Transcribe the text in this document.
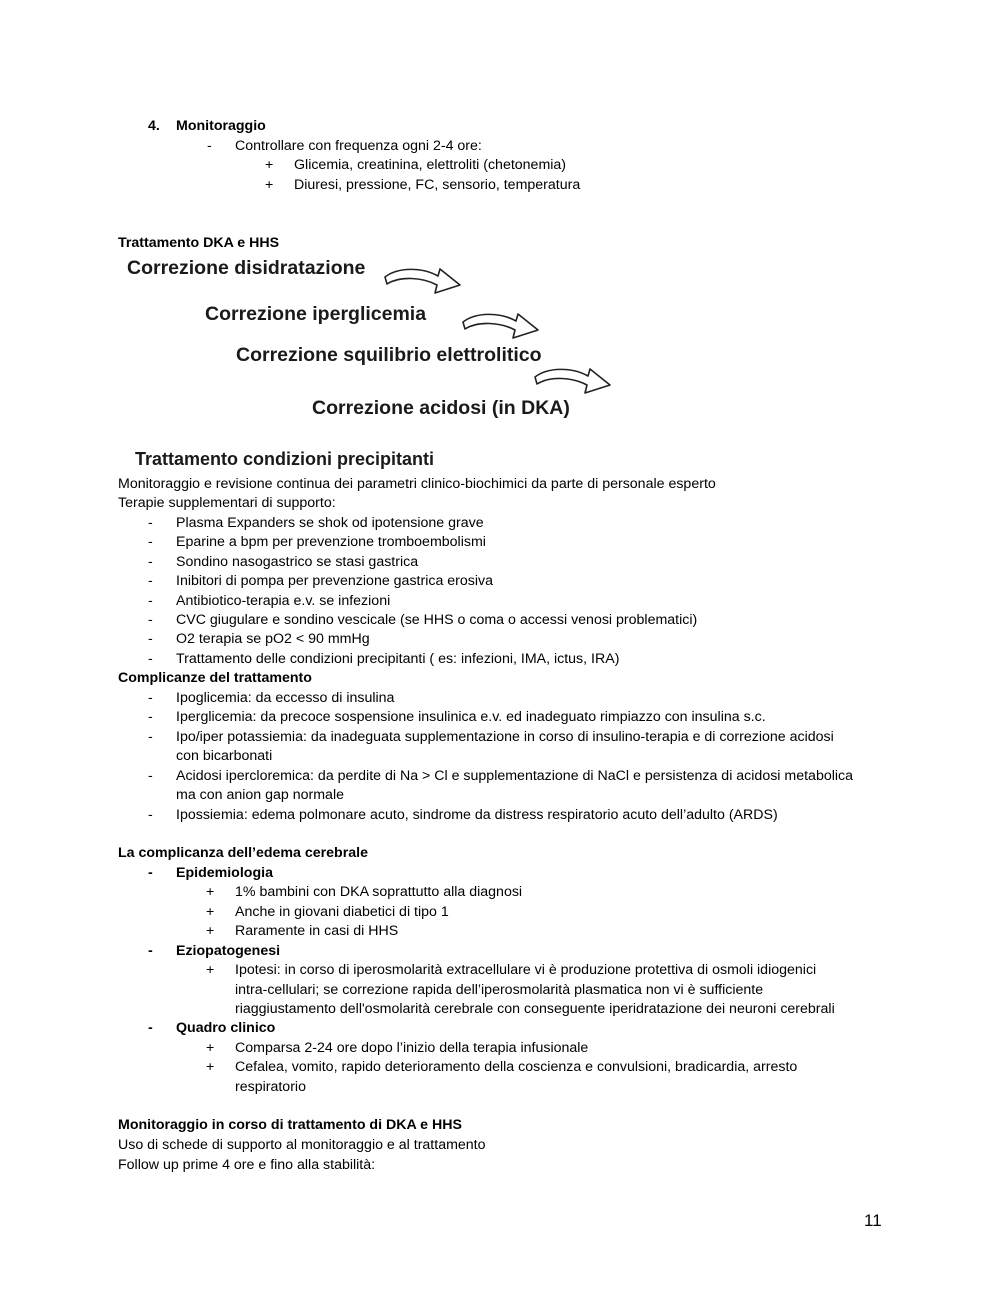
4. Monitoraggio
- Controllare con frequenza ogni 2-4 ore:
+ Glicemia, creatinina, elettroliti (chetonemia)
+ Diuresi, pressione, FC, sensorio, temperatura
Trattamento DKA e HHS
Correzione disidratazione
Correzione iperglicemia
Correzione squilibrio elettrolitico
Correzione acidosi (in DKA)
Trattamento condizioni precipitanti
Monitoraggio e revisione continua dei parametri clinico-biochimici da parte di personale esperto
Terapie supplementari di supporto:
- Plasma Expanders se shok od ipotensione grave
- Eparine a bpm per prevenzione tromboembolismi
- Sondino nasogastrico se stasi gastrica
- Inibitori di pompa per prevenzione gastrica erosiva
- Antibiotico-terapia e.v. se infezioni
- CVC giugulare e sondino vescicale (se HHS o coma o accessi venosi problematici)
- O2 terapia se pO2 < 90 mmHg
- Trattamento delle condizioni precipitanti ( es: infezioni, IMA, ictus, IRA)
Complicanze del trattamento
- Ipoglicemia: da eccesso di insulina
- Iperglicemia: da precoce sospensione insulinica e.v. ed inadeguato rimpiazzo con insulina s.c.
- Ipo/iper potassiemia: da inadeguata supplementazione in corso di insulino-terapia e di correzione acidosi
con bicarbonati
- Acidosi ipercloremica: da perdite di Na > Cl e supplementazione di NaCl e persistenza di acidosi metabolica
ma con anion gap normale
- Ipossiemia: edema polmonare acuto, sindrome da distress respiratorio acuto dell’adulto (ARDS)
La complicanza dell’edema cerebrale
- Epidemiologia
+ 1% bambini con DKA soprattutto alla diagnosi
+ Anche in giovani diabetici di tipo 1
+ Raramente in casi di HHS
- Eziopatogenesi
+ Ipotesi: in corso di iperosmolarità extracellulare vi è produzione protettiva di osmoli idiogenici
intra-cellulari; se correzione rapida dell’iperosmolarità plasmatica non vi è sufficiente
riaggiustamento dell'osmolarità cerebrale con conseguente iperidratazione dei neuroni cerebrali
- Quadro clinico
+ Comparsa 2-24 ore dopo l’inizio della terapia infusionale
+ Cefalea, vomito, rapido deterioramento della coscienza e convulsioni, bradicardia, arresto
respiratorio
Monitoraggio in corso di trattamento di DKA e HHS
Uso di schede di supporto al monitoraggio e al trattamento
Follow up prime 4 ore e fino alla stabilità:
11
